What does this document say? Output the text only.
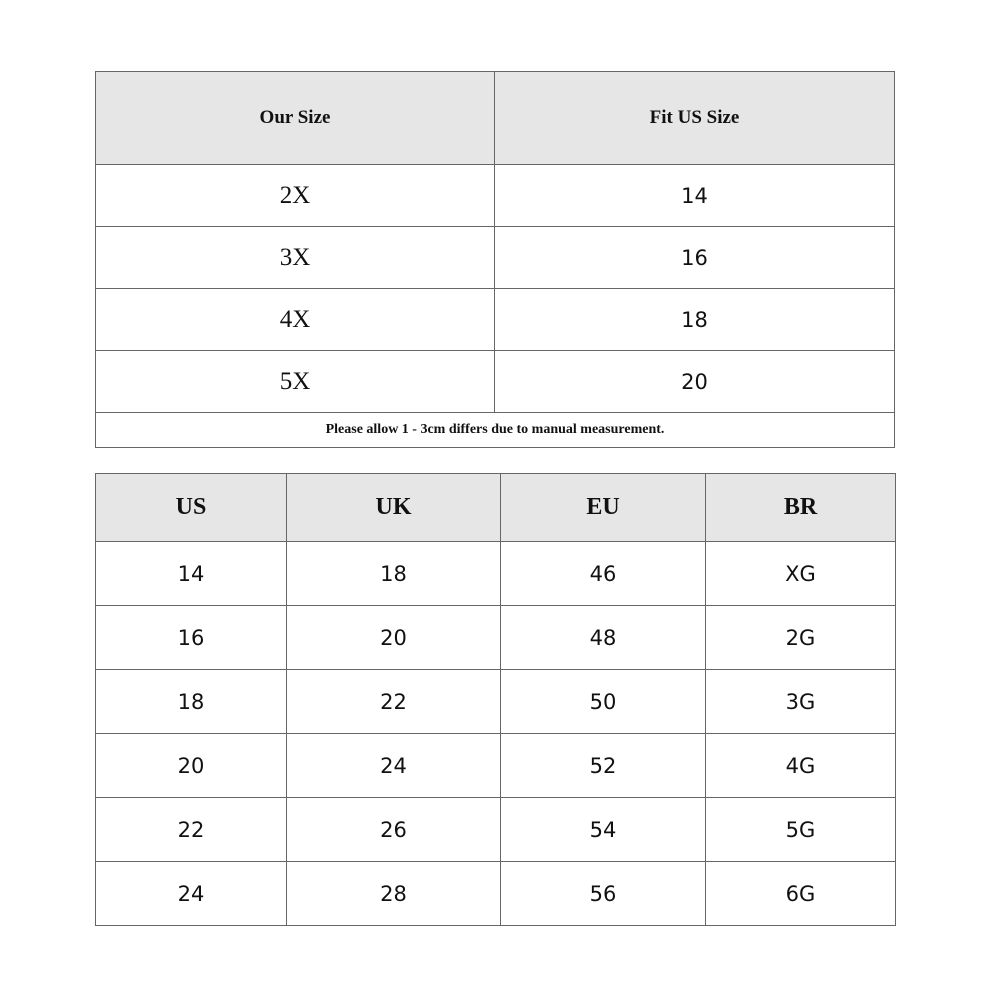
Our Size	Fit US Size
2X	14
3X	16
4X	18
5X	20
Please allow 1 - 3cm differs due to manual measurement.	
US	UK	EU	BR
14	18	46	XG
16	20	48	2G
18	22	50	3G
20	24	52	4G
22	26	54	5G
24	28	56	6G
